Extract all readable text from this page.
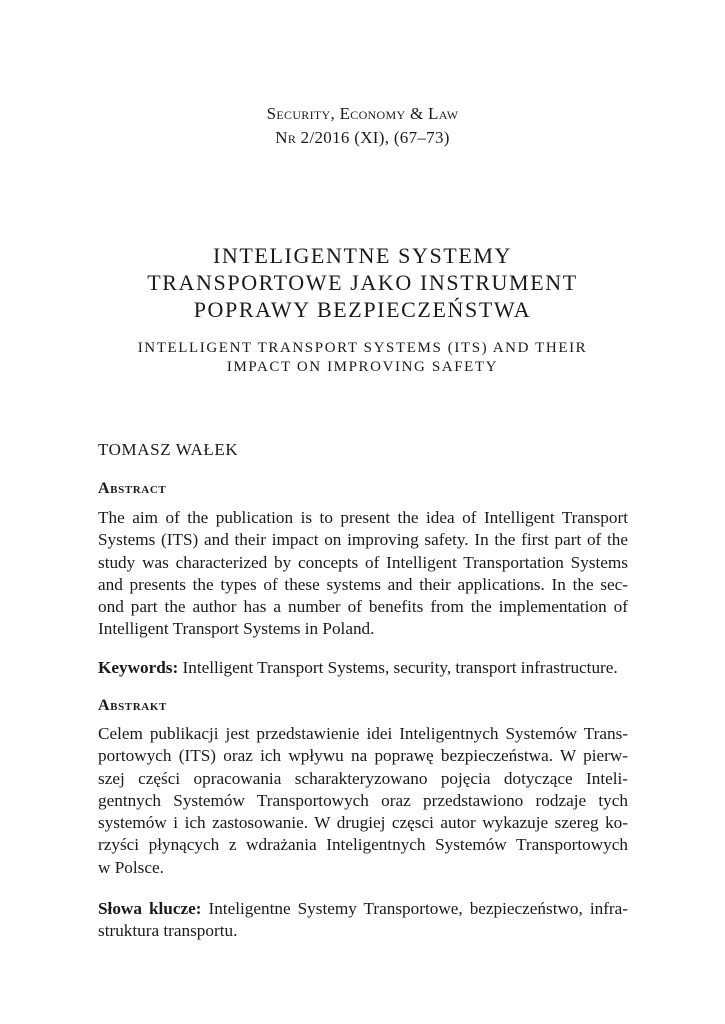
Security, Economy & Law
Nr 2/2016 (XI), (67–73)
INTELIGENTNE SYSTEMY
TRANSPORTOWE JAKO INSTRUMENT
POPRAWY BEZPIECZEŃSTWA
INTELLIGENT TRANSPORT SYSTEMS (ITS) AND THEIR
IMPACT ON IMPROVING SAFETY
TOMASZ WAŁEK
Abstract
The aim of the publication is to present the idea of Intelligent Transport
Systems (ITS) and their impact on improving safety. In the first part of the
study was characterized by concepts of Intelligent Transportation Systems
and presents the types of these systems and their applications. In the sec-
ond part the author has a number of benefits from the implementation of
Intelligent Transport Systems in Poland.
Keywords: Intelligent Transport Systems, security, transport infrastructure.
Abstrakt
Celem publikacji jest przedstawienie idei Inteligentnych Systemów Trans-
portowych (ITS) oraz ich wpływu na poprawę bezpieczeństwa. W pierw-
szej części opracowania scharakteryzowano pojęcia dotyczące Inteli-
gentnych Systemów Transportowych oraz przedstawiono rodzaje tych
systemów i ich zastosowanie. W drugiej częsci autor wykazuje szereg ko-
rzyści płynących z wdrażania Inteligentnych Systemów Transportowych
w Polsce.
Słowa klucze: Inteligentne Systemy Transportowe, bezpieczeństwo, infra-
struktura transportu.
